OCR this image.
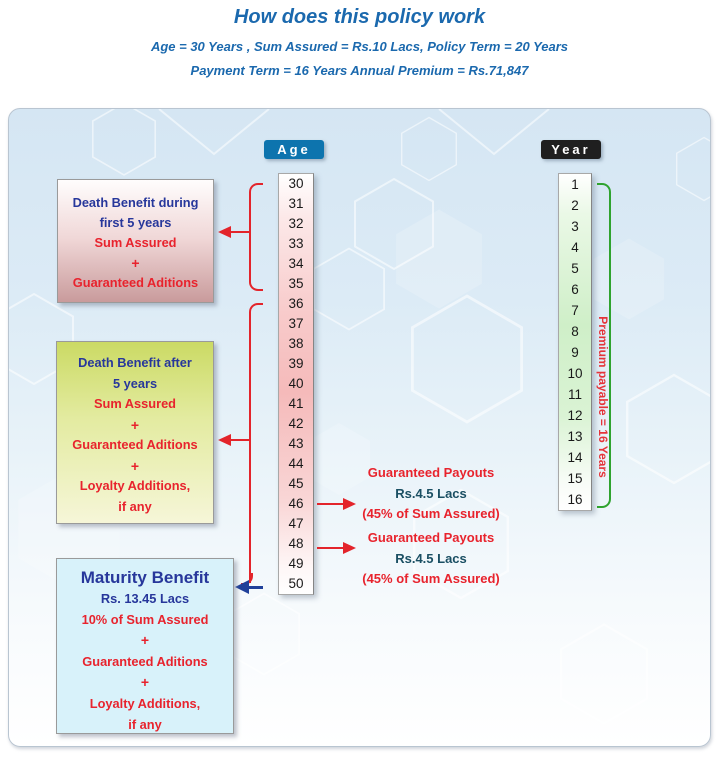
How does this policy work
Age = 30 Years , Sum Assured = Rs.10 Lacs, Policy Term = 20 Years
Payment Term = 16 Years Annual Premium = Rs.71,847
Age	Year
30
31
32
33
34
35
36
37
38
39
40
41
42
43
44
45
46
47
48
49
50
1
2
3
4
5
6
7
8
9
10
11
12
13
14
15
16
Premium payable = 16 Years
Death Benefit during
first 5 years
Sum Assured
+
Guaranteed Aditions
Death Benefit after
5 years
Sum Assured
+
Guaranteed Aditions
+
Loyalty Additions,
if any
Maturity Benefit
Rs. 13.45 Lacs
10% of Sum Assured
+
Guaranteed Aditions
+
Loyalty Additions,
if any
Guaranteed Payouts
Rs.4.5 Lacs
(45% of Sum Assured)
Guaranteed Payouts
Rs.4.5 Lacs
(45% of Sum Assured)
